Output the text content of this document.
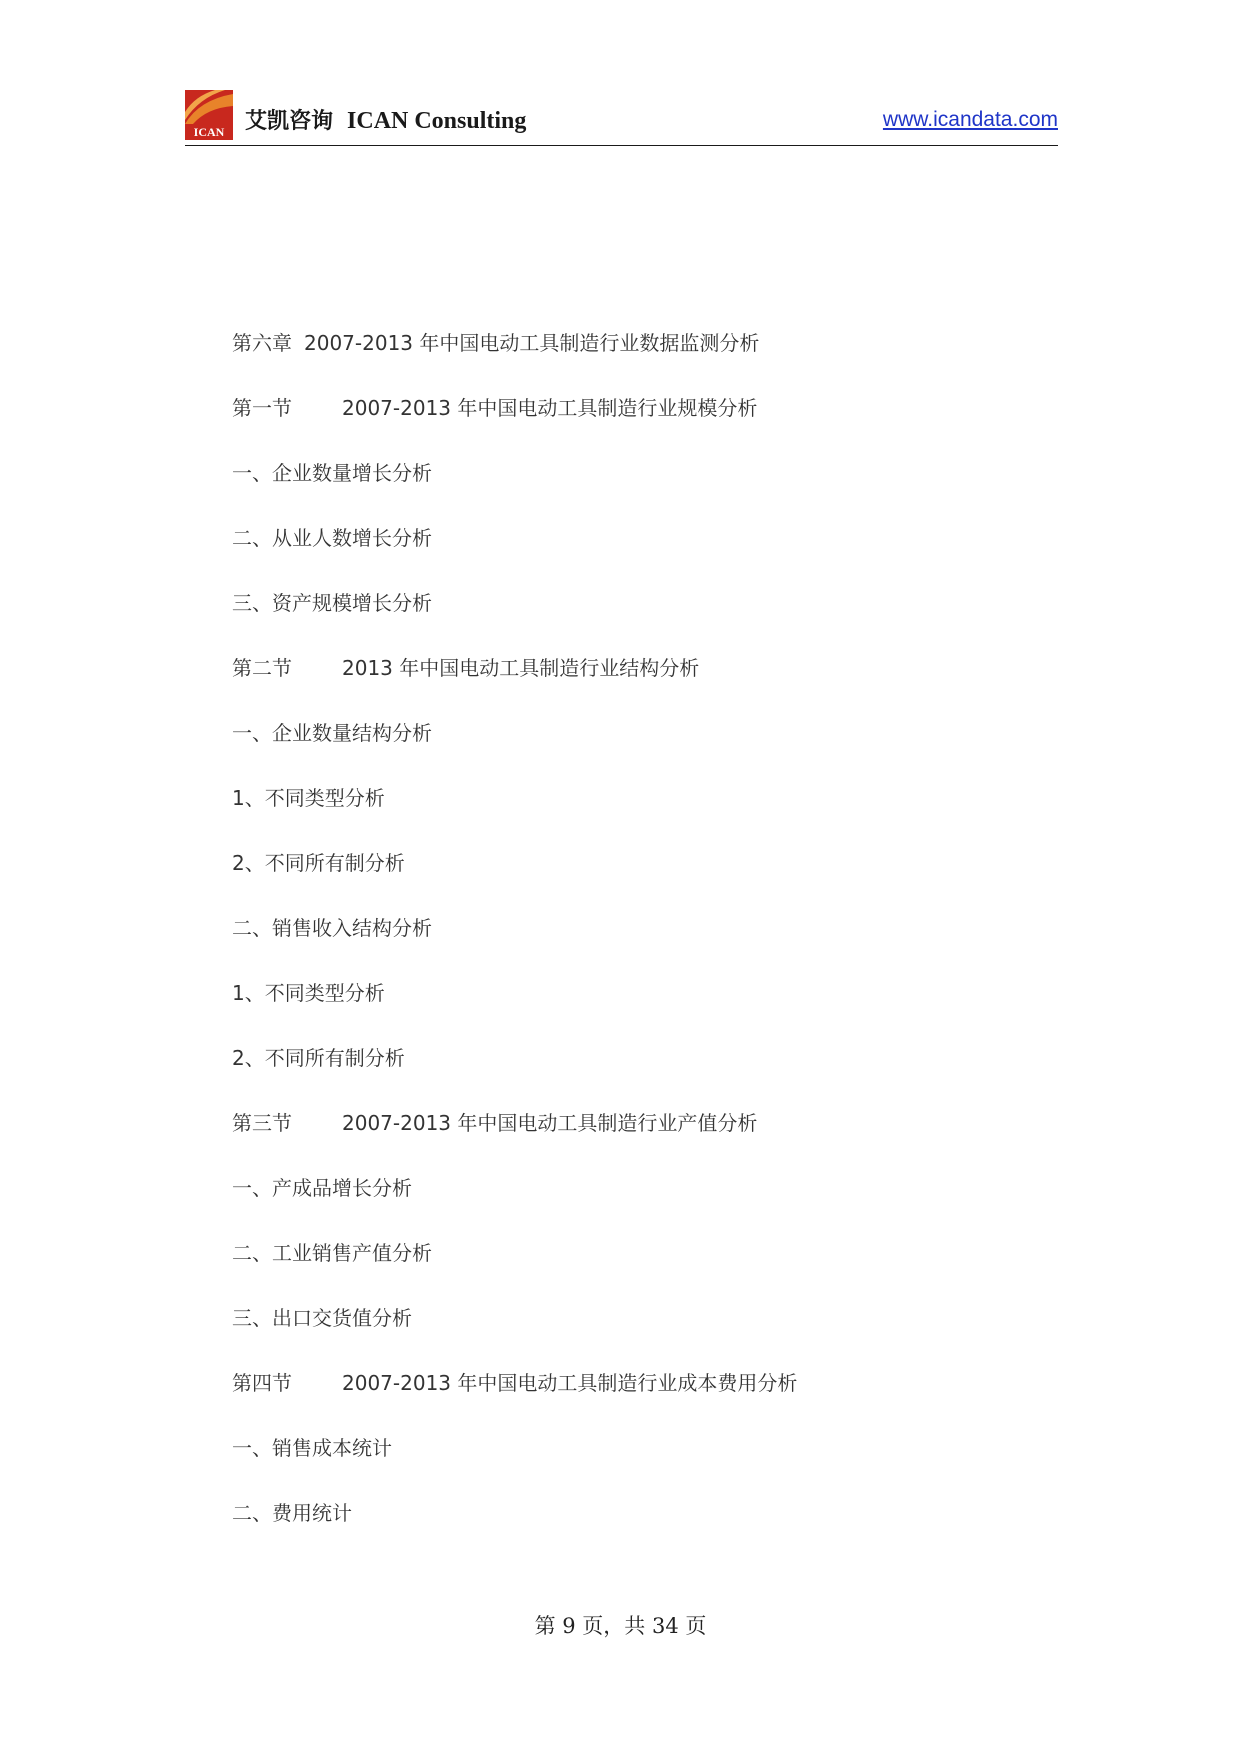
ICAN 艾凯咨询 ICAN Consulting	www.icandata.com
第六章 2007-2013 年中国电动工具制造行业数据监测分析
第一节	2007-2013 年中国电动工具制造行业规模分析
一、企业数量增长分析
二、从业人数增长分析
三、资产规模增长分析
第二节	2013 年中国电动工具制造行业结构分析
一、企业数量结构分析
1、不同类型分析
2、不同所有制分析
二、销售收入结构分析
1、不同类型分析
2、不同所有制分析
第三节	2007-2013 年中国电动工具制造行业产值分析
一、产成品增长分析
二、工业销售产值分析
三、出口交货值分析
第四节	2007-2013 年中国电动工具制造行业成本费用分析
一、销售成本统计
二、费用统计
第 9 页，共 34 页
